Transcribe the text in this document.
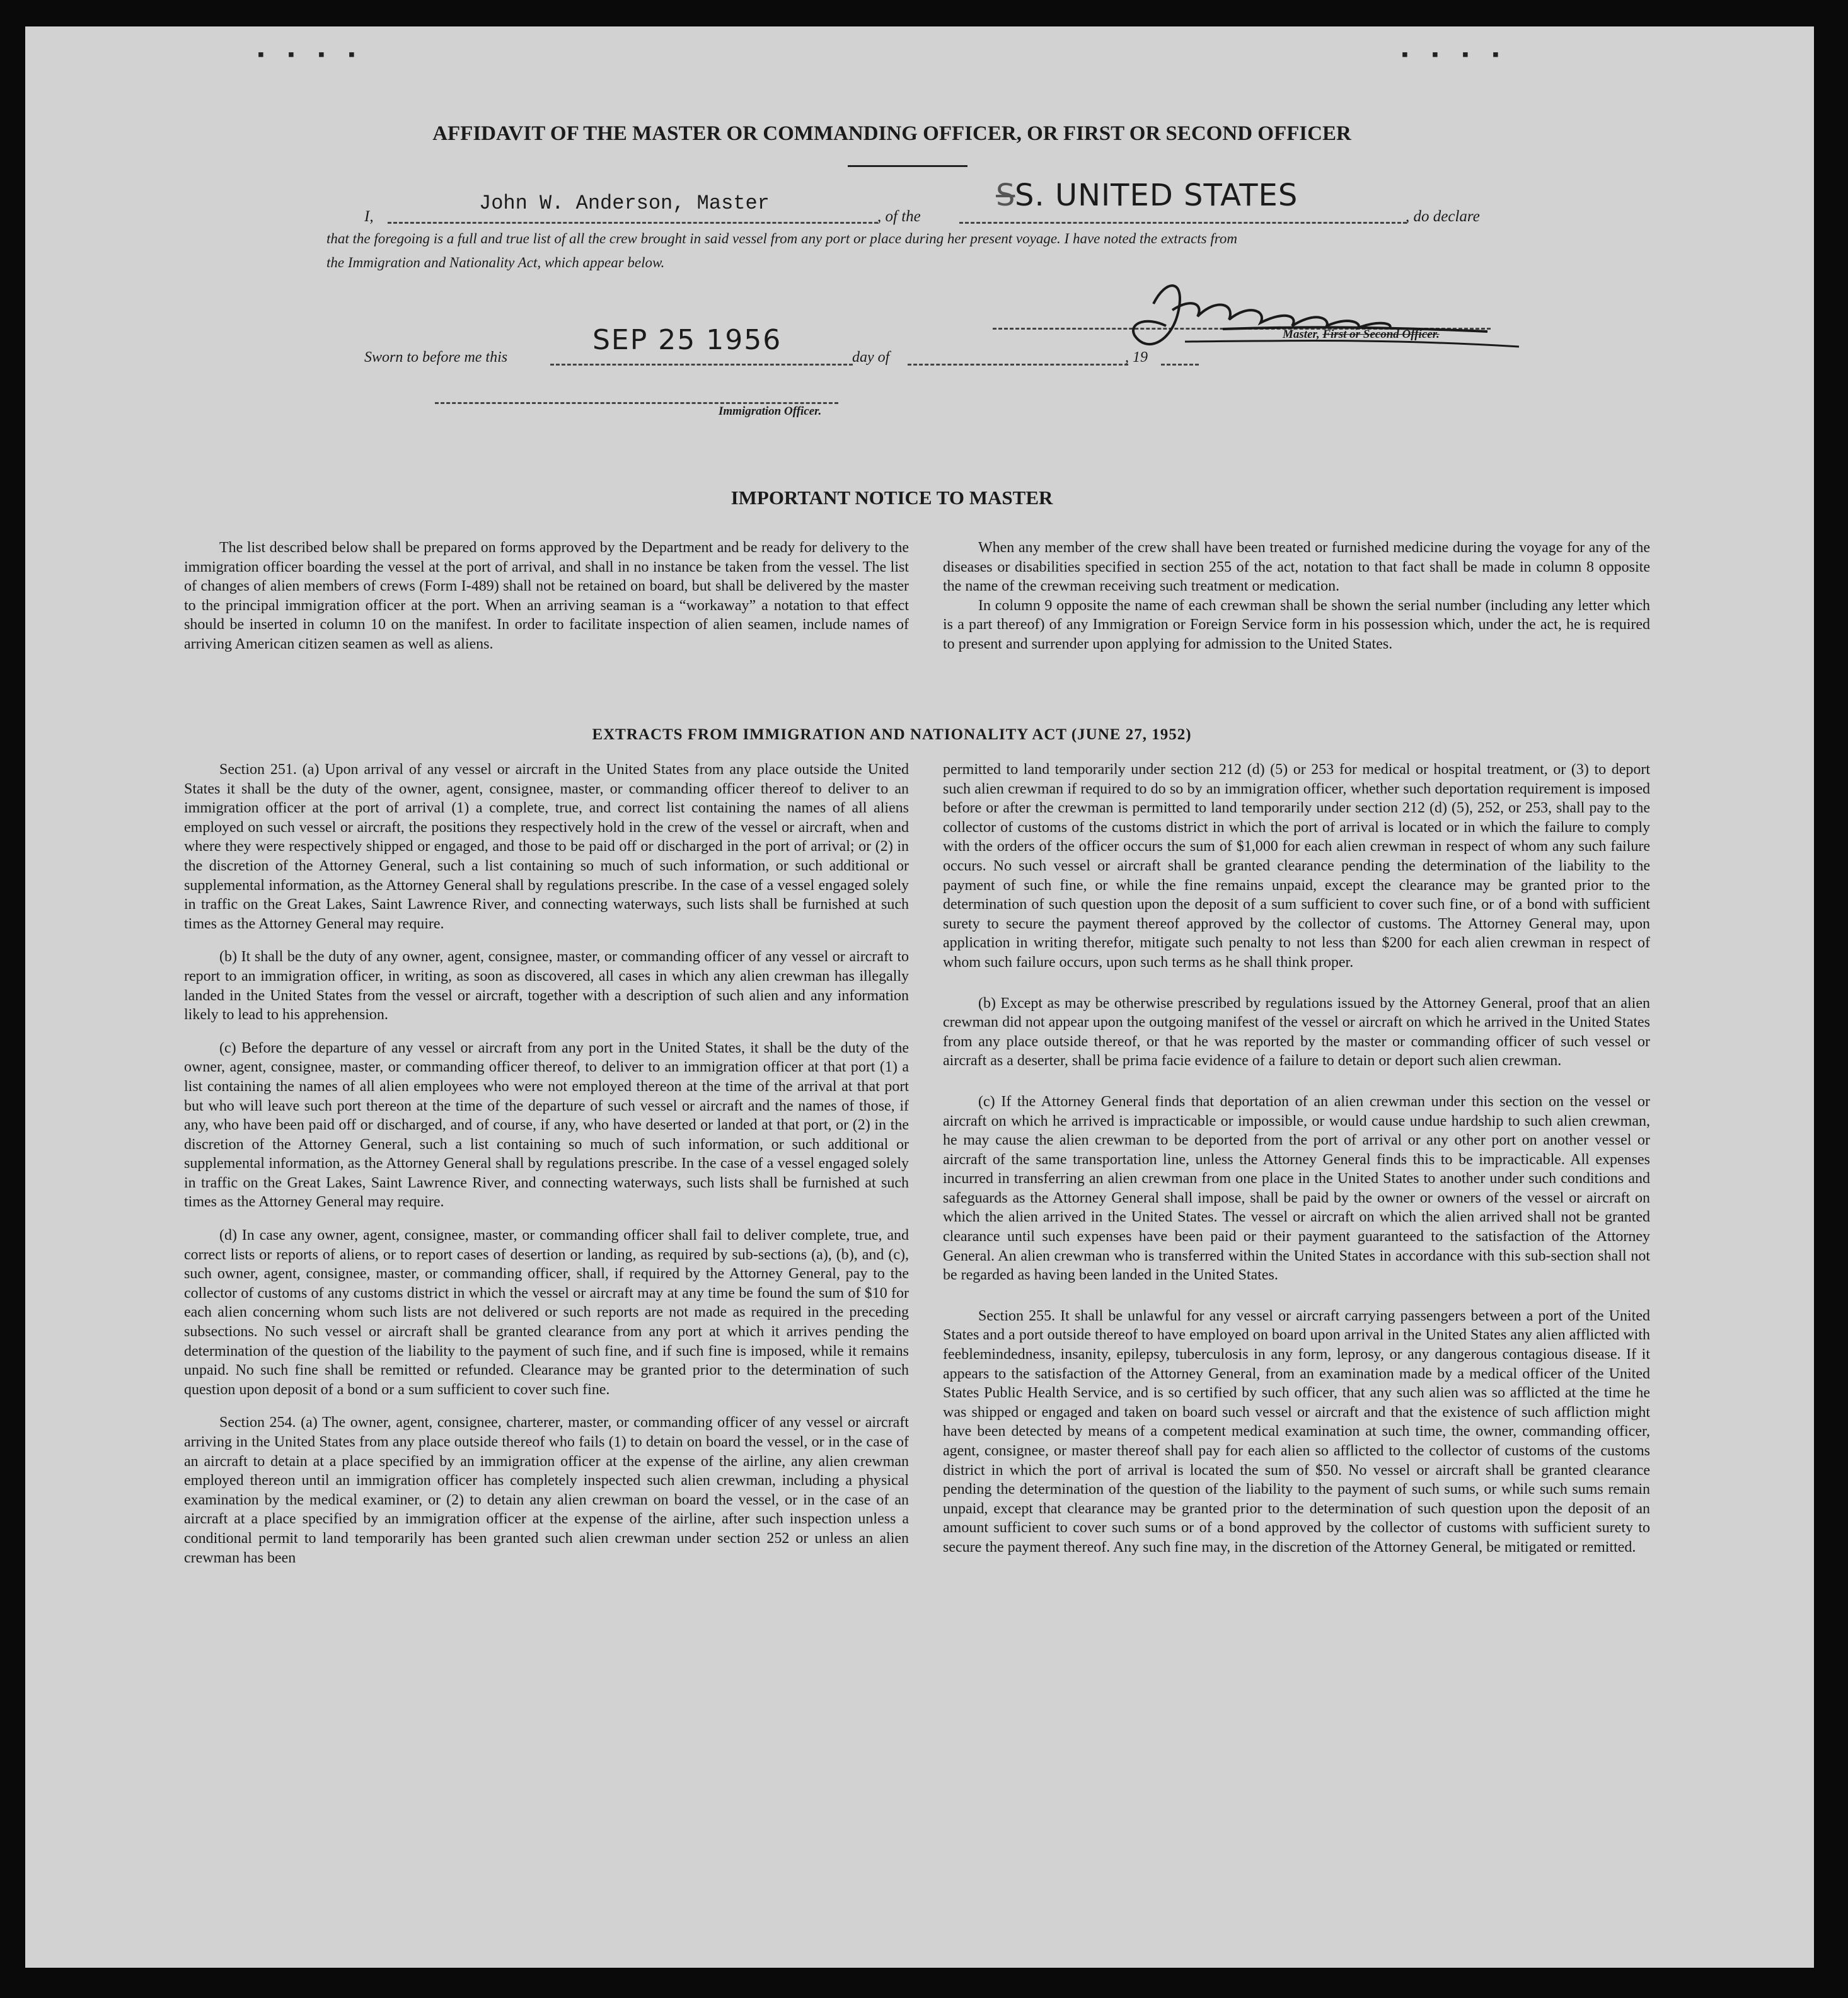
▪ ▪ ▪ ▪	▪ ▪ ▪ ▪
AFFIDAVIT OF THE MASTER OR COMMANDING OFFICER, OR FIRST OR SECOND OFFICER
I,
John W. Anderson, Master
, of the
S S. UNITED STATES
, do declare
that the foregoing is a full and true list of all the crew brought in said vessel from any port or place during her present voyage. I have noted the extracts from
the Immigration and Nationality Act, which appear below.
Master, First or Second Officer.
Sworn to before me this
SEP 25 1956
day of	, 19
Immigration Officer.
IMPORTANT NOTICE TO MASTER

The list described below shall be prepared on forms approved by the Department and be ready for delivery to the immigration officer boarding the vessel at the port of arrival, and shall in no instance be taken from the vessel. The list of changes of alien members of crews (Form I-489) shall not be retained on board, but shall be delivered by the master to the principal immigration officer at the port. When an arriving seaman is a “workaway” a notation to that effect should be inserted in column 10 on the manifest. In order to facilitate inspection of alien seamen, include names of arriving American citizen seamen as well as aliens.

When any member of the crew shall have been treated or furnished medicine during the voyage for any of the diseases or disabilities specified in section 255 of the act, notation to that fact shall be made in column 8 opposite the name of the crewman receiving such treatment or medication.

In column 9 opposite the name of each crewman shall be shown the serial number (including any letter which is a part thereof) of any Immigration or Foreign Service form in his possession which, under the act, he is required to present and surrender upon applying for admission to the United States.

EXTRACTS FROM IMMIGRATION AND NATIONALITY ACT (JUNE 27, 1952)

Section 251. (a) Upon arrival of any vessel or aircraft in the United States from any place outside the United States it shall be the duty of the owner, agent, consignee, master, or commanding officer thereof to deliver to an immigration officer at the port of arrival (1) a complete, true, and correct list containing the names of all aliens employed on such vessel or aircraft, the positions they respectively hold in the crew of the vessel or aircraft, when and where they were respectively shipped or engaged, and those to be paid off or discharged in the port of arrival; or (2) in the discretion of the Attorney General, such a list containing so much of such information, or such additional or supplemental information, as the Attorney General shall by regulations prescribe. In the case of a vessel engaged solely in traffic on the Great Lakes, Saint Lawrence River, and connecting waterways, such lists shall be furnished at such times as the Attorney General may require.

(b) It shall be the duty of any owner, agent, consignee, master, or commanding officer of any vessel or aircraft to report to an immigration officer, in writing, as soon as discovered, all cases in which any alien crewman has illegally landed in the United States from the vessel or aircraft, together with a description of such alien and any information likely to lead to his apprehension.

(c) Before the departure of any vessel or aircraft from any port in the United States, it shall be the duty of the owner, agent, consignee, master, or commanding officer thereof, to deliver to an immigration officer at that port (1) a list containing the names of all alien employees who were not employed thereon at the time of the arrival at that port but who will leave such port thereon at the time of the departure of such vessel or aircraft and the names of those, if any, who have been paid off or discharged, and of course, if any, who have deserted or landed at that port, or (2) in the discretion of the Attorney General, such a list containing so much of such information, or such additional or supplemental information, as the Attorney General shall by regulations prescribe. In the case of a vessel engaged solely in traffic on the Great Lakes, Saint Lawrence River, and connecting waterways, such lists shall be furnished at such times as the Attorney General may require.

(d) In case any owner, agent, consignee, master, or commanding officer shall fail to deliver complete, true, and correct lists or reports of aliens, or to report cases of desertion or landing, as required by sub-sections (a), (b), and (c), such owner, agent, consignee, master, or commanding officer, shall, if required by the Attorney General, pay to the collector of customs of any customs district in which the vessel or aircraft may at any time be found the sum of $10 for each alien concerning whom such lists are not delivered or such reports are not made as required in the preceding subsections. No such vessel or aircraft shall be granted clearance from any port at which it arrives pending the determination of the question of the liability to the payment of such fine, and if such fine is imposed, while it remains unpaid. No such fine shall be remitted or refunded. Clearance may be granted prior to the determination of such question upon deposit of a bond or a sum sufficient to cover such fine.

Section 254. (a) The owner, agent, consignee, charterer, master, or commanding officer of any vessel or aircraft arriving in the United States from any place outside thereof who fails (1) to detain on board the vessel, or in the case of an aircraft to detain at a place specified by an immigration officer at the expense of the airline, any alien crewman employed thereon until an immigration officer has completely inspected such alien crewman, including a physical examination by the medical examiner, or (2) to detain any alien crewman on board the vessel, or in the case of an aircraft at a place specified by an immigration officer at the expense of the airline, after such inspection unless a conditional permit to land temporarily has been granted such alien crewman under section 252 or unless an alien crewman has been

permitted to land temporarily under section 212 (d) (5) or 253 for medical or hospital treatment, or (3) to deport such alien crewman if required to do so by an immigration officer, whether such deportation requirement is imposed before or after the crewman is permitted to land temporarily under section 212 (d) (5), 252, or 253, shall pay to the collector of customs of the customs district in which the port of arrival is located or in which the failure to comply with the orders of the officer occurs the sum of $1,000 for each alien crewman in respect of whom any such failure occurs. No such vessel or aircraft shall be granted clearance pending the determination of the liability to the payment of such fine, or while the fine remains unpaid, except the clearance may be granted prior to the determination of such question upon the deposit of a sum sufficient to cover such fine, or of a bond with sufficient surety to secure the payment thereof approved by the collector of customs. The Attorney General may, upon application in writing therefor, mitigate such penalty to not less than $200 for each alien crewman in respect of whom such failure occurs, upon such terms as he shall think proper.

(b) Except as may be otherwise prescribed by regulations issued by the Attorney General, proof that an alien crewman did not appear upon the outgoing manifest of the vessel or aircraft on which he arrived in the United States from any place outside thereof, or that he was reported by the master or commanding officer of such vessel or aircraft as a deserter, shall be prima facie evidence of a failure to detain or deport such alien crewman.

(c) If the Attorney General finds that deportation of an alien crewman under this section on the vessel or aircraft on which he arrived is impracticable or impossible, or would cause undue hardship to such alien crewman, he may cause the alien crewman to be deported from the port of arrival or any other port on another vessel or aircraft of the same transportation line, unless the Attorney General finds this to be impracticable. All expenses incurred in transferring an alien crewman from one place in the United States to another under such conditions and safeguards as the Attorney General shall impose, shall be paid by the owner or owners of the vessel or aircraft on which the alien arrived in the United States. The vessel or aircraft on which the alien arrived shall not be granted clearance until such expenses have been paid or their payment guaranteed to the satisfaction of the Attorney General. An alien crewman who is transferred within the United States in accordance with this sub-section shall not be regarded as having been landed in the United States.

Section 255. It shall be unlawful for any vessel or aircraft carrying passengers between a port of the United States and a port outside thereof to have employed on board upon arrival in the United States any alien afflicted with feeblemindedness, insanity, epilepsy, tuberculosis in any form, leprosy, or any dangerous contagious disease. If it appears to the satisfaction of the Attorney General, from an examination made by a medical officer of the United States Public Health Service, and is so certified by such officer, that any such alien was so afflicted at the time he was shipped or engaged and taken on board such vessel or aircraft and that the existence of such affliction might have been detected by means of a competent medical examination at such time, the owner, commanding officer, agent, consignee, or master thereof shall pay for each alien so afflicted to the collector of customs of the customs district in which the port of arrival is located the sum of $50. No vessel or aircraft shall be granted clearance pending the determination of the question of the liability to the payment of such sums, or while such sums remain unpaid, except that clearance may be granted prior to the determination of such question upon the deposit of an amount sufficient to cover such sums or of a bond approved by the collector of customs with sufficient surety to secure the payment thereof. Any such fine may, in the discretion of the Attorney General, be mitigated or remitted.
